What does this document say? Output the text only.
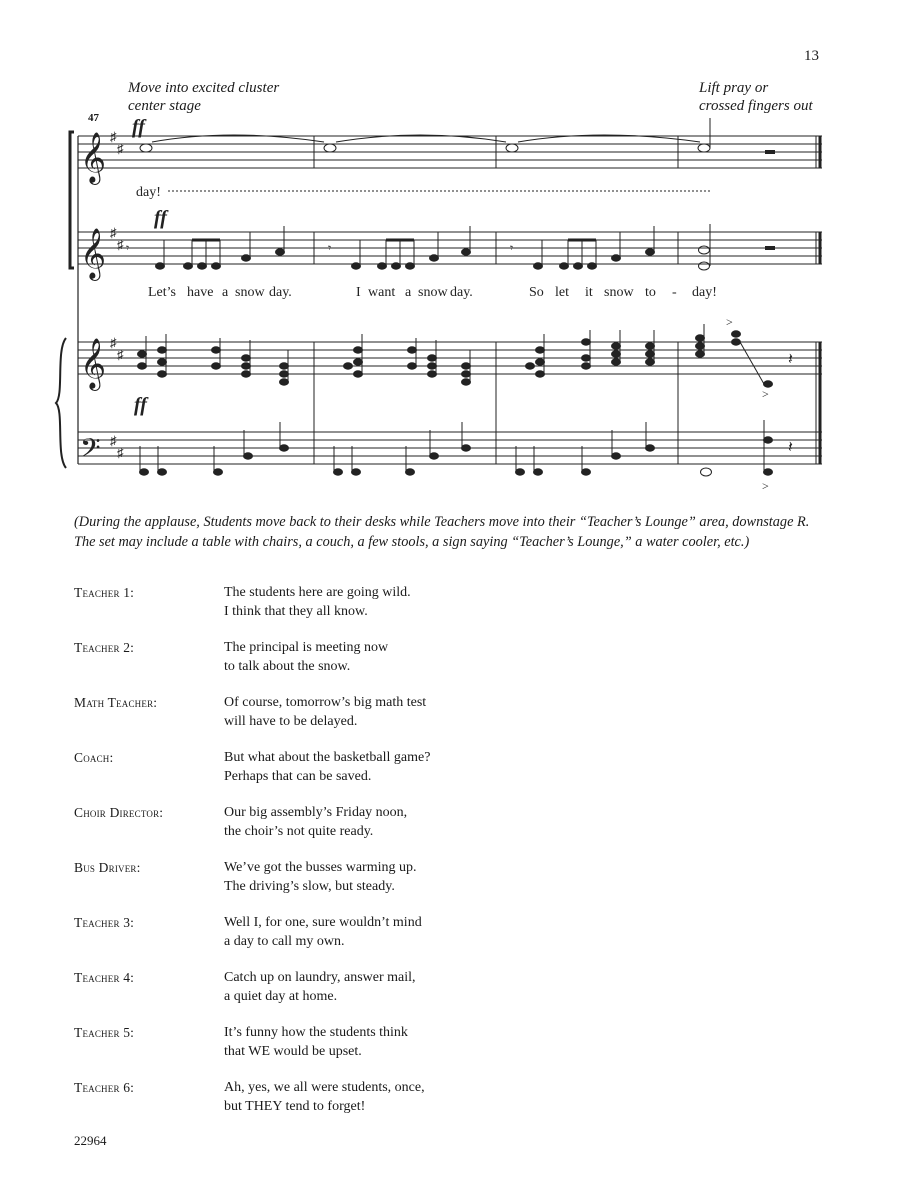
13
Move into excited cluster
center stage
Lift pray or
crossed fingers out
47
𝄾	𝄾	𝄾
>
>
𝄽
>
𝄽
𝄞
𝄞
𝄞
𝄢
♯
♯
♯
♯
♯
♯
♯
♯
ff
ff
ff
day!
Let’s have a snow day.	I want a snow day.	So let it snow to - day!
(During the applause, Students move back to their desks while Teachers move into their “Teacher’s Lounge” area, downstage R. The set may include a table with chairs, a couch, a few stools, a sign saying “Teacher’s Lounge,” a water cooler, etc.)
Teacher 1:	The students here are going wild.
I think that they all know.
Teacher 2:	The principal is meeting now
to talk about the snow.
Math Teacher:	Of course, tomorrow’s big math test
will have to be delayed.
Coach:	But what about the basketball game?
Perhaps that can be saved.
Choir Director:	Our big assembly’s Friday noon,
the choir’s not quite ready.
Bus Driver:	We’ve got the busses warming up.
The driving’s slow, but steady.
Teacher 3:	Well I, for one, sure wouldn’t mind
a day to call my own.
Teacher 4:	Catch up on laundry, answer mail,
a quiet day at home.
Teacher 5:	It’s funny how the students think
that WE would be upset.
Teacher 6:	Ah, yes, we all were students, once,
but THEY tend to forget!
22964
